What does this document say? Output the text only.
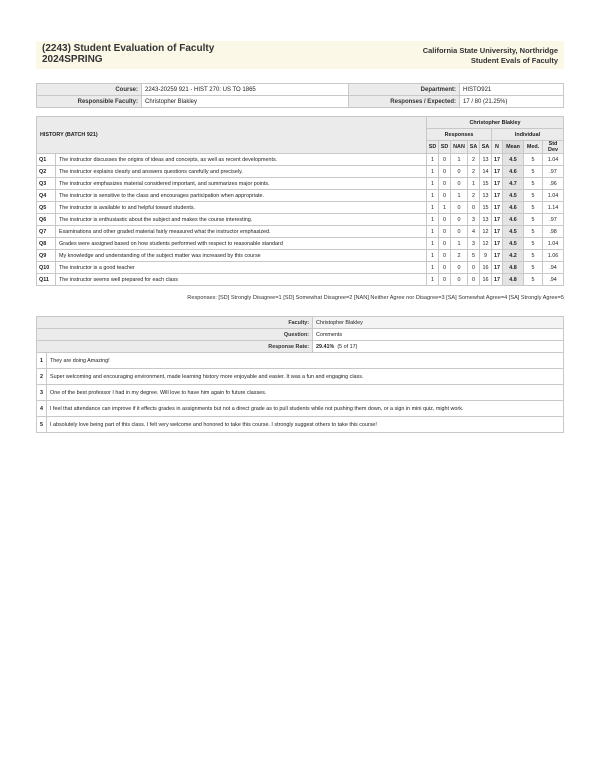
(2243) Student Evaluation of Faculty
2024SPRING
California State University, Northridge
Student Evals of Faculty
Course:	2243-20259 921 - HIST 270: US TO 1865	Department:	HISTO921
Responsible Faculty:	Christopher Blakley	Responses / Expected:	17 / 80 (21.25%)
HISTORY (BATCH 921)		Christopher Blakley								
		Responses					Individual			
		SD	SD	NAN	SA	SA	N	Mean	Med.	Std Dev
Q1	The instructor discusses the origins of ideas and concepts, as well as recent developments.	1	0	1	2	13	17	4.5	5	1.04
Q2	The instructor explains clearly and answers questions carefully and precisely.	1	0	0	2	14	17	4.6	5	.97
Q3	The instructor emphasizes material considered important, and summarizes major points.	1	0	0	1	15	17	4.7	5	.96
Q4	The instructor is sensitive to the class and encourages participation when appropriate.	1	0	1	2	13	17	4.5	5	1.04
Q5	The instructor is available to and helpful toward students.	1	1	0	0	15	17	4.6	5	1.14
Q6	The instructor is enthusiastic about the subject and makes the course interesting.	1	0	0	3	13	17	4.6	5	.97
Q7	Examinations and other graded material fairly measured what the instructor emphasized.	1	0	0	4	12	17	4.5	5	.98
Q8	Grades were assigned based on how students performed with respect to reasonable standard	1	0	1	3	12	17	4.5	5	1.04
Q9	My knowledge and understanding of the subject matter was increased by this course	1	0	2	5	9	17	4.2	5	1.06
Q10	The instructor is a good teacher	1	0	0	0	16	17	4.8	5	.94
Q11	The instructor seems well prepared for each class	1	0	0	0	16	17	4.8	5	.94
Responses: [SD] Strongly Disagree=1 [SD] Somewhat Disagree=2 [NAN] Neither Agree nor Disagree=3 [SA] Somewhat Agree=4 [SA] Strongly Agree=5
Faculty:		Christopher Blakley
Question:		Comments
Response Rate:		29.41% (5 of 17)
1	They are doing Amazing!	
2	Super welcoming and encouraging environment, made learning history more enjoyable and easier. It was a fun and engaging class.	
3	One of the best professor I had in my degree. Will love to have him again fo future classes.	
4	I feel that attendance can improve if it effects grades in assignments but not a direct grade as to pull students while not pushing them down, or a sign in mini quiz, might work.	
5	I absolutely love being part of this class. I felt very welcome and honored to take this course. I strongly suggest others to take this course!	
